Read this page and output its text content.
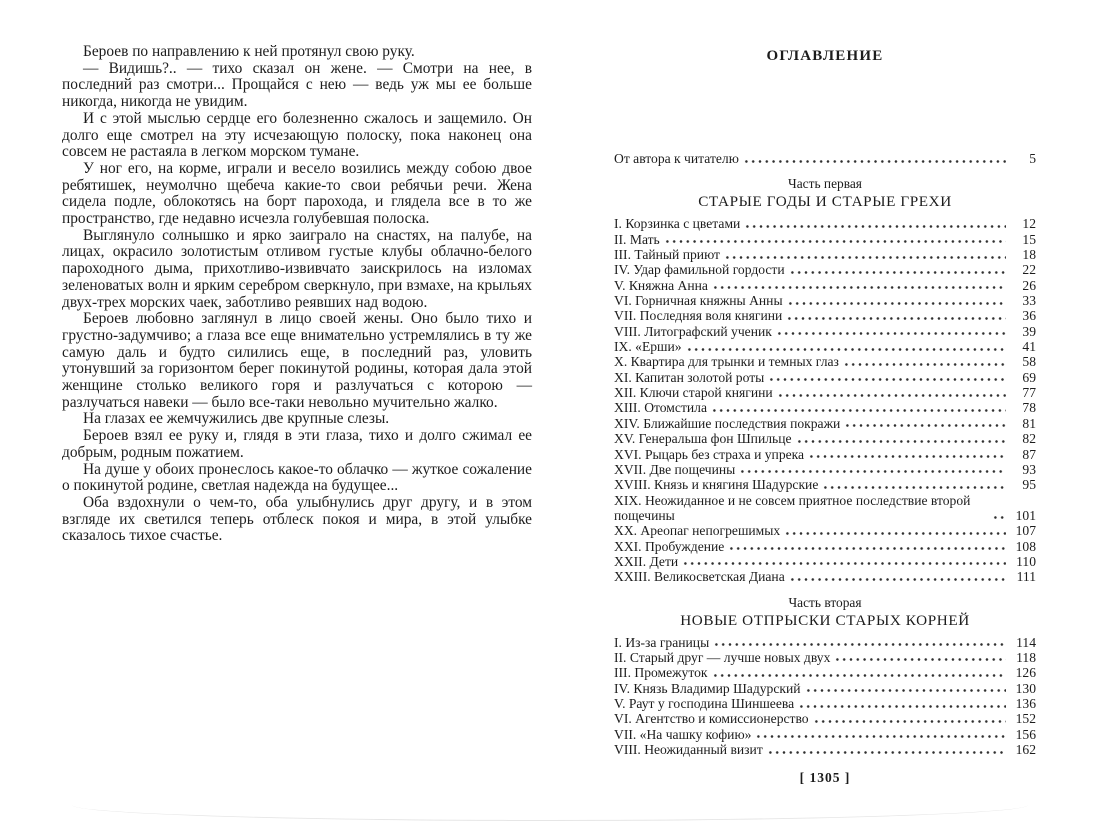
Бероев по направлению к ней протянул свою руку.

— Видишь?.. — тихо сказал он жене. — Смотри на нее, в последний раз смотри... Прощайся с нею — ведь уж мы ее больше никогда, никогда не увидим.

И с этой мыслью сердце его болезненно сжалось и защемило. Он долго еще смотрел на эту исчезающую полоску, пока наконец она совсем не растаяла в легком морском тумане.

У ног его, на корме, играли и весело возились между собою двое ребятишек, неумолчно щебеча какие-то свои ребячьи речи. Жена сидела подле, облокотясь на борт парохода, и глядела все в то же пространство, где недавно исчезла голубевшая полоска.

Выглянуло солнышко и ярко заиграло на снастях, на палубе, на лицах, окрасило золотистым отливом густые клубы облачно-белого пароходного дыма, прихотливо-извивчато заискрилось на изломах зеленоватых волн и ярким серебром сверкнуло, при взмахе, на крыльях двух-трех морских чаек, заботливо реявших над водою.

Бероев любовно заглянул в лицо своей жены. Оно было тихо и грустно-задумчиво; а глаза все еще внимательно устремлялись в ту же самую даль и будто силились еще, в последний раз, уловить утонувший за горизонтом берег покинутой родины, которая дала этой женщине столько великого горя и разлучаться с которою — разлучаться навеки — было все-таки невольно мучительно жалко.

На глазах ее жемчужились две крупные слезы.

Бероев взял ее руку и, глядя в эти глаза, тихо и долго сжимал ее добрым, родным пожатием.

На душе у обоих пронеслось какое-то облачко — жуткое сожаление о покинутой родине, светлая надежда на будущее...

Оба вздохнули о чем-то, оба улыбнулись друг другу, и в этом взгляде их светился теперь отблеск покоя и мира, в этой улыбке сказалось тихое счастье.

ОГЛАВЛЕНИЕ
От автора к читателю	5
Часть первая
СТАРЫЕ ГОДЫ И СТАРЫЕ ГРЕХИ
I. Корзинка с цветами	12
II. Мать	15
III. Тайный приют	18
IV. Удар фамильной гордости	22
V. Княжна Анна	26
VI. Горничная княжны Анны	33
VII. Последняя воля княгини	36
VIII. Литографский ученик	39
IX. «Ерши»	41
X. Квартира для трынки и темных глаз	58
XI. Капитан золотой роты	69
XII. Ключи старой княгини	77
XIII. Отомстила	78
XIV. Ближайшие последствия покражи	81
XV. Генеральша фон Шпильце	82
XVI. Рыцарь без страха и упрека	87
XVII. Две пощечины	93
XVIII. Князь и княгиня Шадурские	95
XIX. Неожиданное и не совсем приятное последствие второй пощечины	101
XX. Ареопаг непогрешимых	107
XXI. Пробуждение	108
XXII. Дети	110
XXIII. Великосветская Диана	111
Часть вторая
НОВЫЕ ОТПРЫСКИ СТАРЫХ КОРНЕЙ
I. Из-за границы	114
II. Старый друг — лучше новых двух	118
III. Промежуток	126
IV. Князь Владимир Шадурский	130
V. Раут у господина Шиншеева	136
VI. Агентство и комиссионерство	152
VII. «На чашку кофию»	156
VIII. Неожиданный визит	162
[ 1305 ]
